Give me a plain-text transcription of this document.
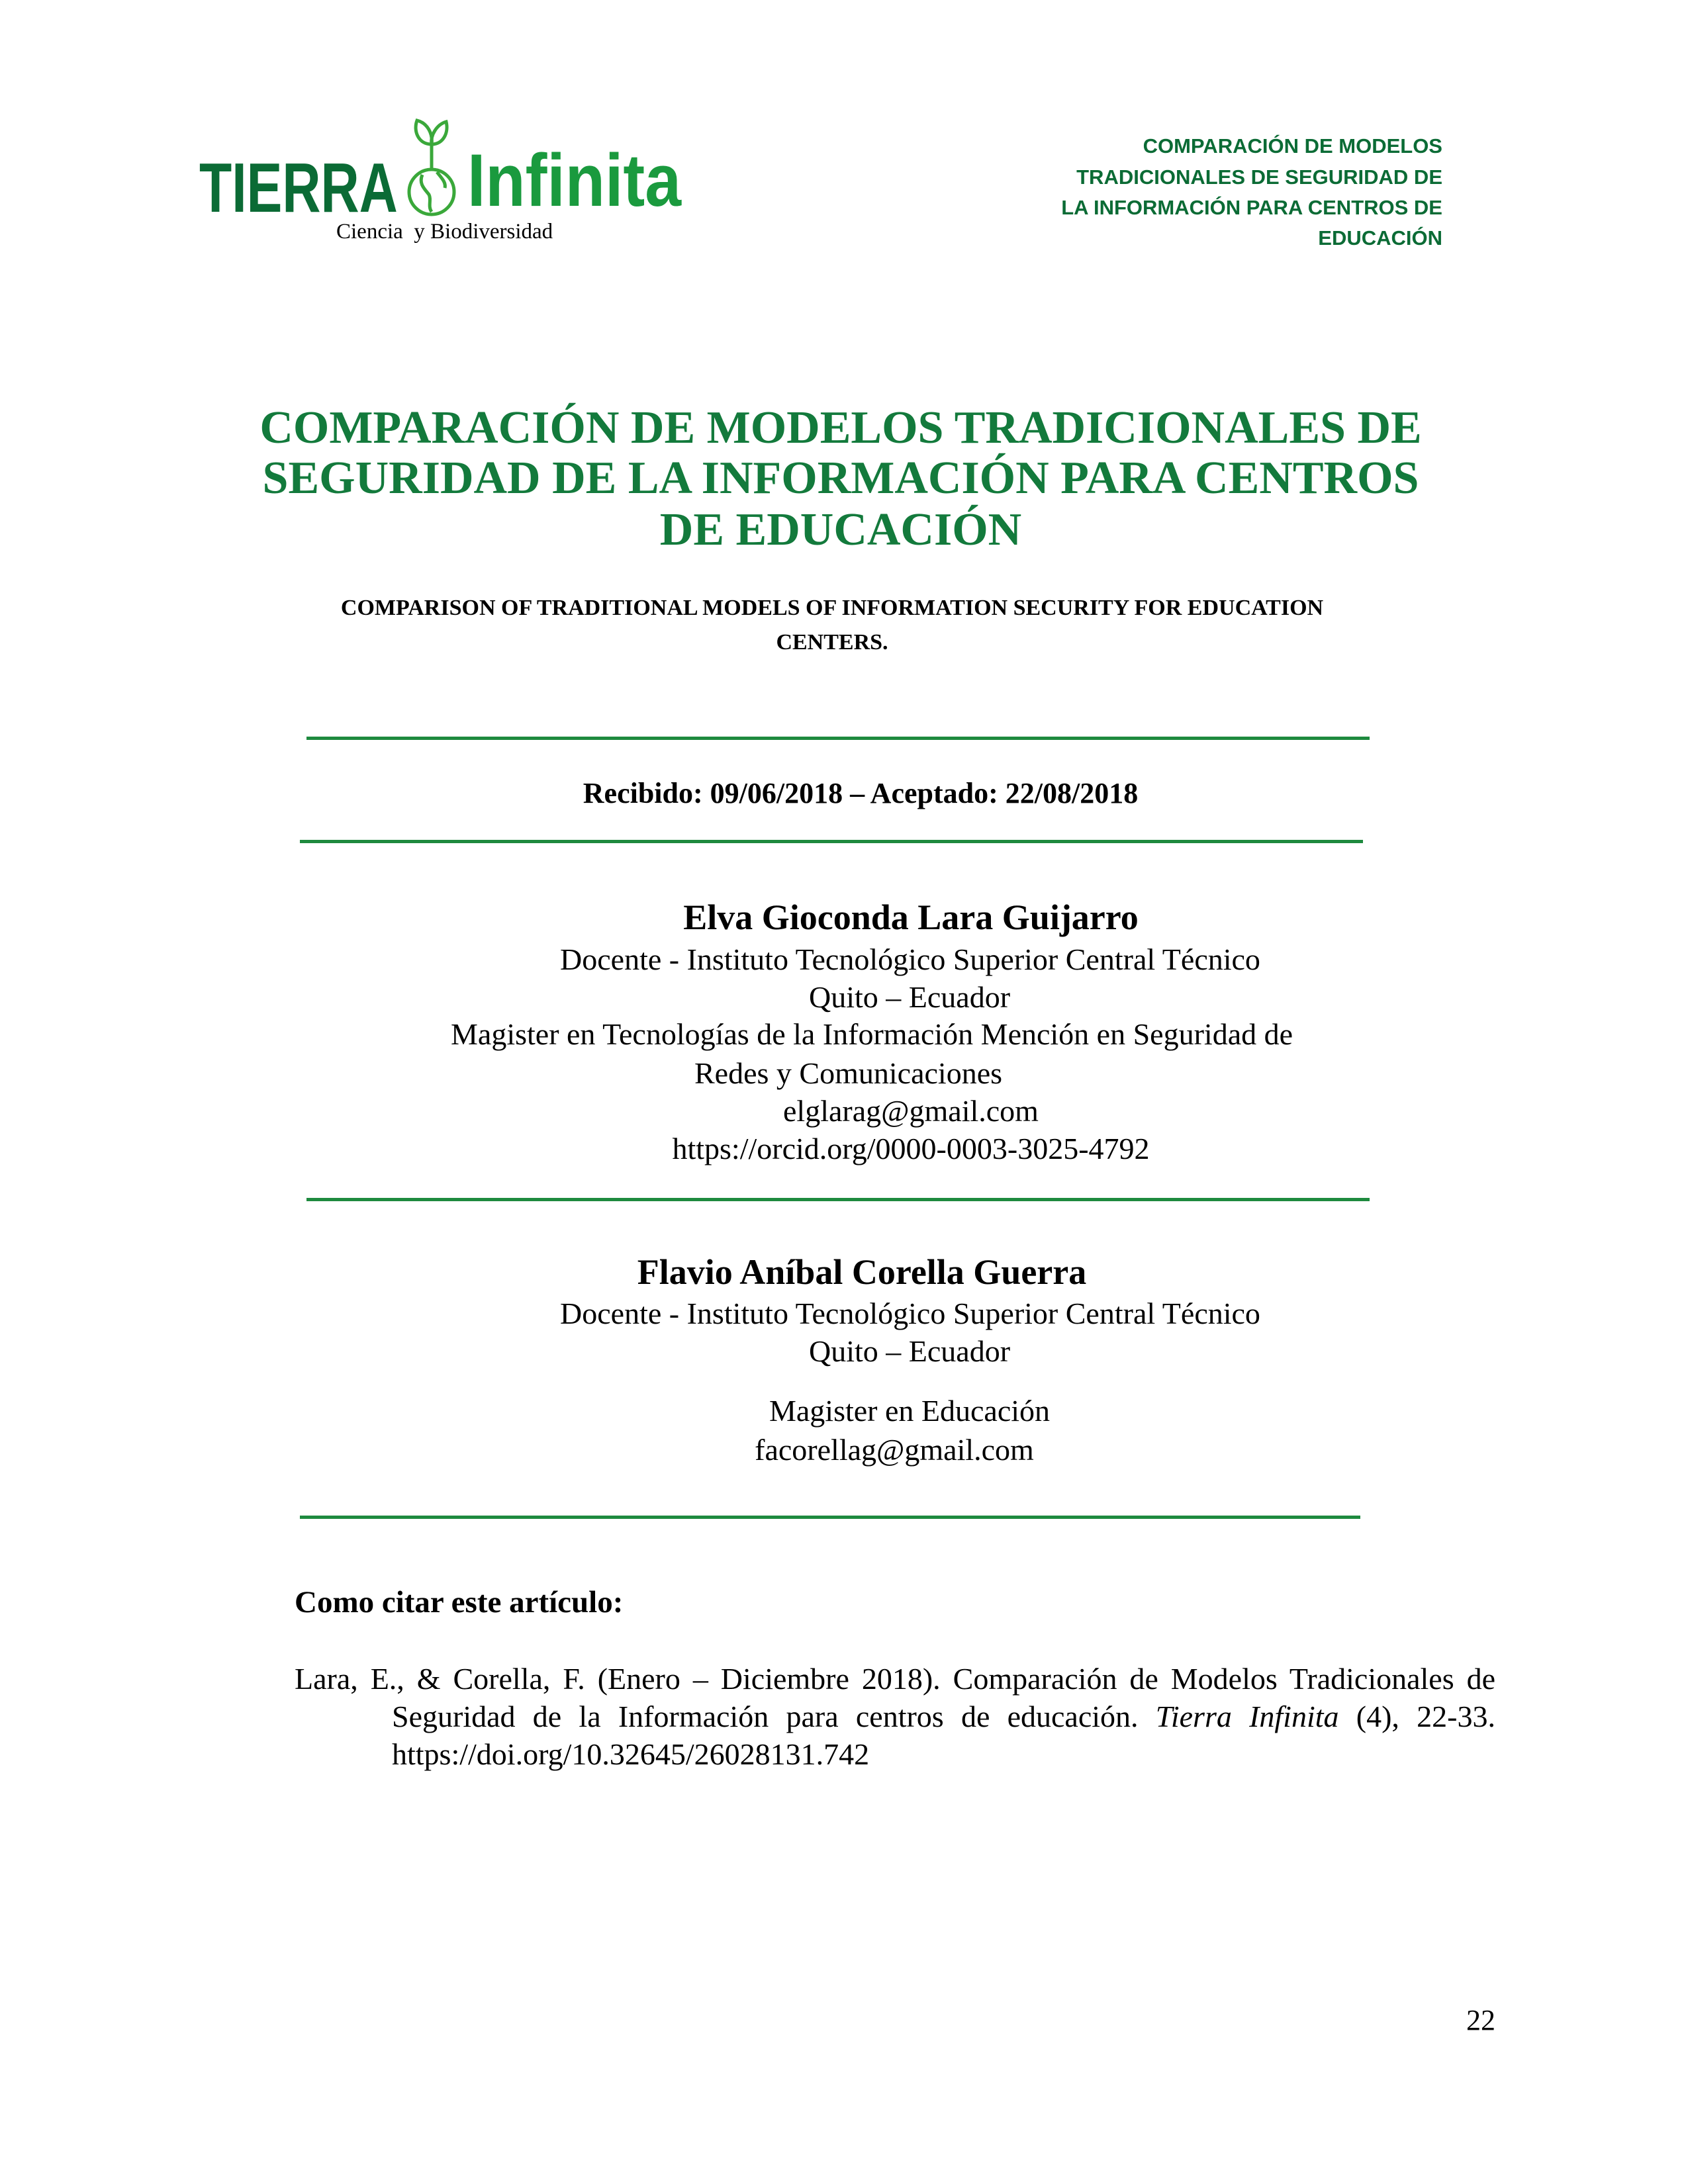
TIERRA Infinita
Ciencia  y Biodiversidad
COMPARACIÓN DE MODELOS
TRADICIONALES DE SEGURIDAD DE
LA INFORMACIÓN PARA CENTROS DE
EDUCACIÓN
COMPARACIÓN DE MODELOS TRADICIONALES DE
SEGURIDAD DE LA INFORMACIÓN PARA CENTROS
DE EDUCACIÓN
COMPARISON OF TRADITIONAL MODELS OF INFORMATION SECURITY FOR EDUCATION
CENTERS.
Recibido: 09/06/2018 – Aceptado: 22/08/2018
Elva Gioconda Lara Guijarro
Docente - Instituto Tecnológico Superior Central Técnico
Quito – Ecuador
Magister en Tecnologías de la Información Mención en Seguridad de
Redes y Comunicaciones
elglarag@gmail.com
https://orcid.org/0000-0003-3025-4792
Flavio Aníbal Corella Guerra
Docente - Instituto Tecnológico Superior Central Técnico
Quito – Ecuador
Magister en Educación
facorellag@gmail.com
Como citar este artículo:
Lara, E., & Corella, F. (Enero – Diciembre 2018). Comparación de Modelos Tradicionales de Seguridad de la Información para centros de educación. Tierra Infinita (4), 22-33. https://doi.org/10.32645/26028131.742
22
